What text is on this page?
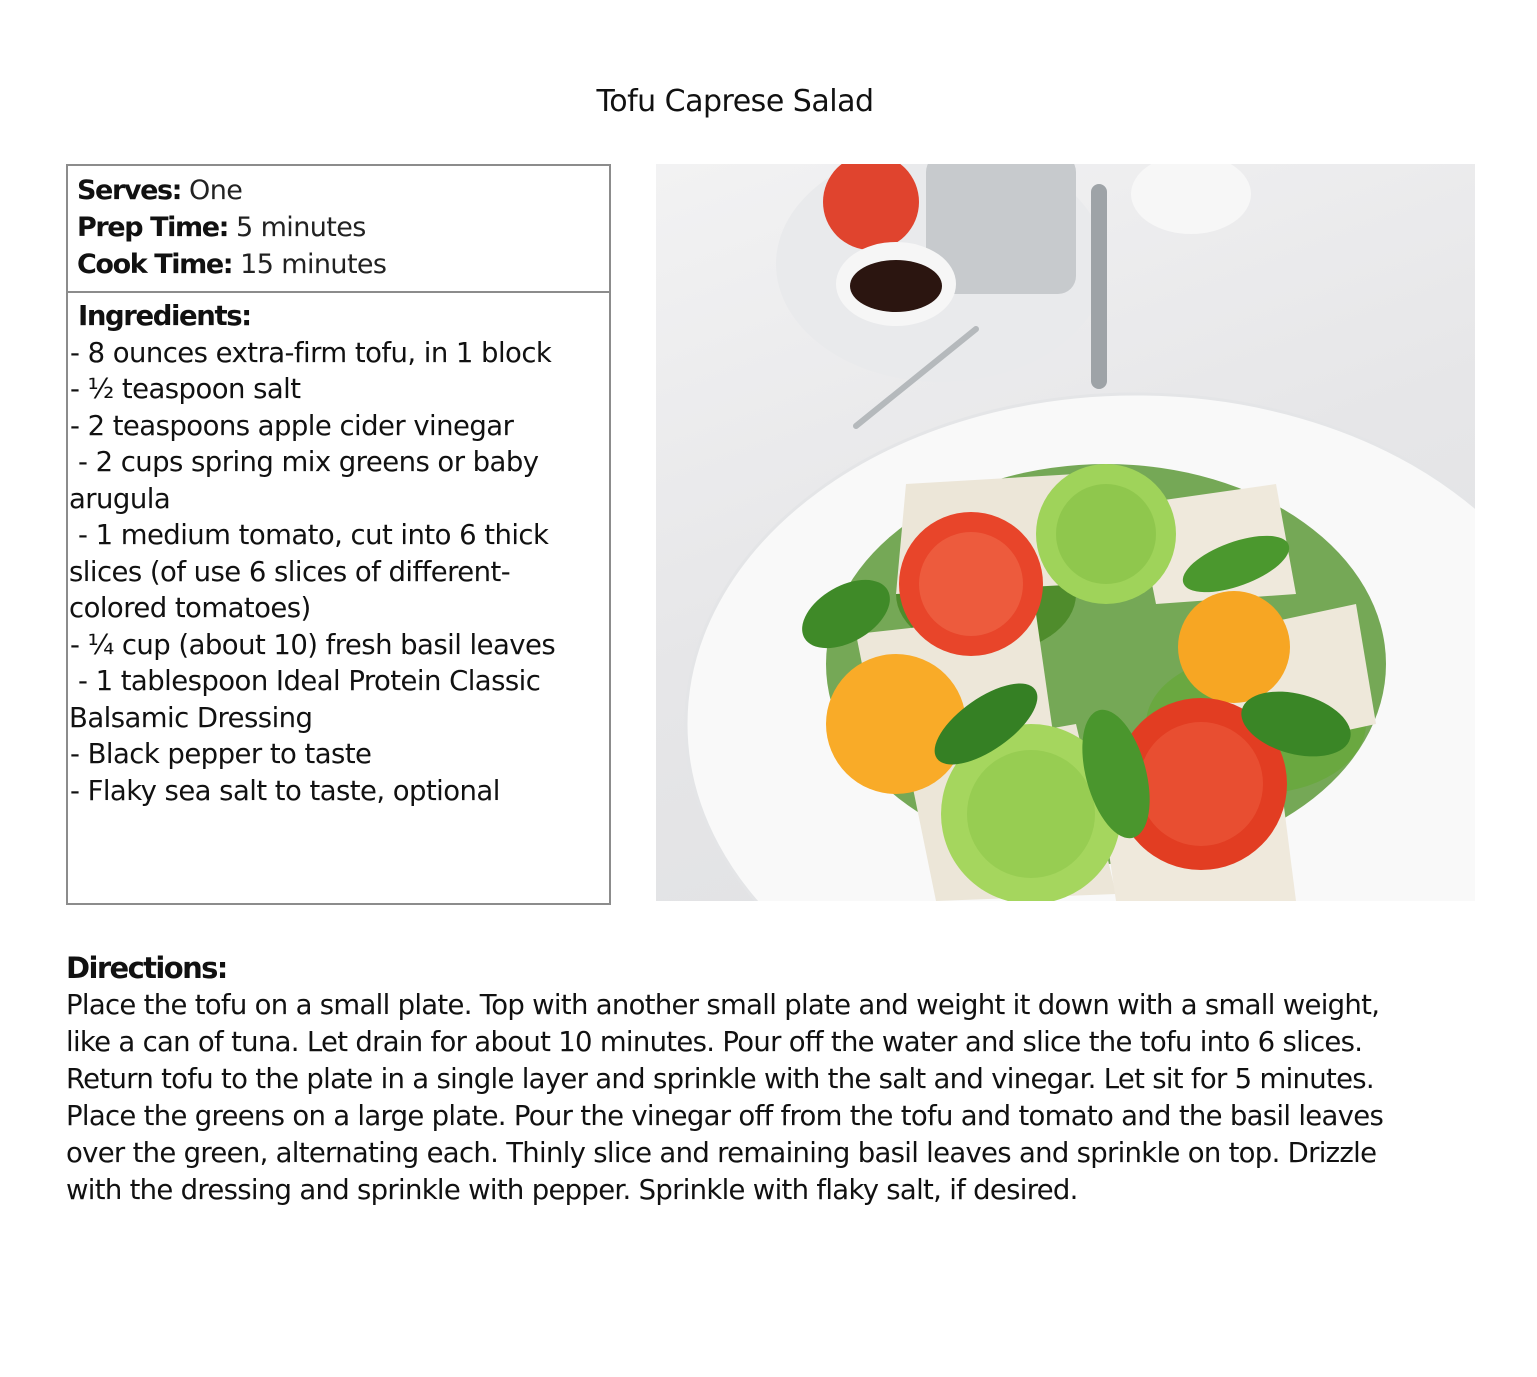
Tofu Caprese Salad
Serves: One
Prep Time: 5 minutes
Cook Time: 15 minutes
Ingredients:
- 8 ounces extra-firm tofu, in 1 block
- ½ teaspoon salt
- 2 teaspoons apple cider vinegar
- 2 cups spring mix greens or baby arugula
- 1 medium tomato, cut into 6 thick slices (of use 6 slices of different-colored tomatoes)
- ¼ cup (about 10) fresh basil leaves
- 1 tablespoon Ideal Protein Classic Balsamic Dressing
- Black pepper to taste
- Flaky sea salt to taste, optional
Directions:

Place the tofu on a small plate. Top with another small plate and weight it down with a small weight, like a can of tuna. Let drain for about 10 minutes. Pour off the water and slice the tofu into 6 slices. Return tofu to the plate in a single layer and sprinkle with the salt and vinegar. Let sit for 5 minutes.

Place the greens on a large plate. Pour the vinegar off from the tofu and tomato and the basil leaves over the green, alternating each. Thinly slice and remaining basil leaves and sprinkle on top. Drizzle with the dressing and sprinkle with pepper. Sprinkle with flaky salt, if desired.
